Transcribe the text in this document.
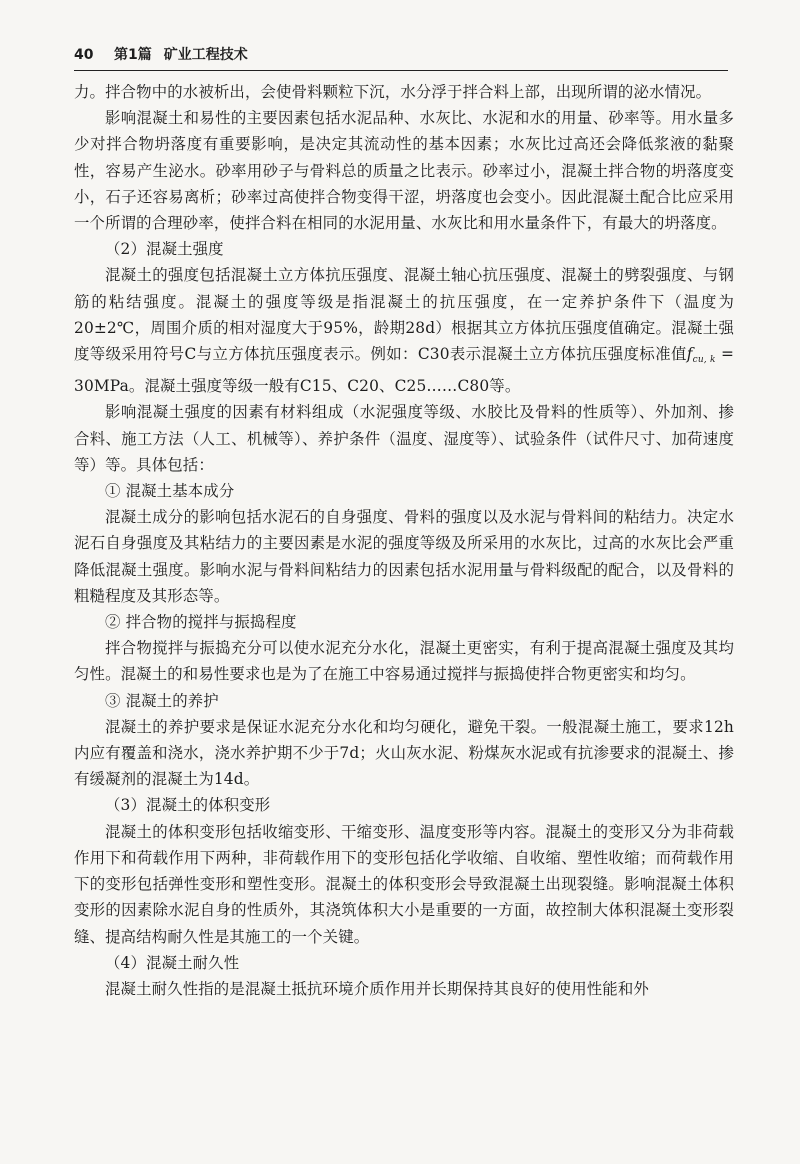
40 第1篇 矿业工程技术

力。拌合物中的水被析出，会使骨料颗粒下沉，水分浮于拌合料上部，出现所谓的泌水情况。

影响混凝土和易性的主要因素包括水泥品种、水灰比、水泥和水的用量、砂率等。用水量多少对拌合物坍落度有重要影响，是决定其流动性的基本因素；水灰比过高还会降低浆液的黏聚性，容易产生泌水。砂率用砂子与骨料总的质量之比表示。砂率过小，混凝土拌合物的坍落度变小，石子还容易离析；砂率过高使拌合物变得干涩，坍落度也会变小。因此混凝土配合比应采用一个所谓的合理砂率，使拌合料在相同的水泥用量、水灰比和用水量条件下，有最大的坍落度。

（2）混凝土强度

混凝土的强度包括混凝土立方体抗压强度、混凝土轴心抗压强度、混凝土的劈裂强度、与钢筋的粘结强度。混凝土的强度等级是指混凝土的抗压强度，在一定养护条件下（温度为20±2℃，周围介质的相对湿度大于95%，龄期28d）根据其立方体抗压强度值确定。混凝土强度等级采用符号C与立方体抗压强度表示。例如：C30表示混凝土立方体抗压强度标准值fcu, k = 30MPa。混凝土强度等级一般有C15、C20、C25……C80等。

影响混凝土强度的因素有材料组成（水泥强度等级、水胶比及骨料的性质等）、外加剂、掺合料、施工方法（人工、机械等）、养护条件（温度、湿度等）、试验条件（试件尺寸、加荷速度等）等。具体包括：

① 混凝土基本成分

混凝土成分的影响包括水泥石的自身强度、骨料的强度以及水泥与骨料间的粘结力。决定水泥石自身强度及其粘结力的主要因素是水泥的强度等级及所采用的水灰比，过高的水灰比会严重降低混凝土强度。影响水泥与骨料间粘结力的因素包括水泥用量与骨料级配的配合，以及骨料的粗糙程度及其形态等。

② 拌合物的搅拌与振捣程度

拌合物搅拌与振捣充分可以使水泥充分水化，混凝土更密实，有利于提高混凝土强度及其均匀性。混凝土的和易性要求也是为了在施工中容易通过搅拌与振捣使拌合物更密实和均匀。

③ 混凝土的养护

混凝土的养护要求是保证水泥充分水化和均匀硬化，避免干裂。一般混凝土施工，要求12h内应有覆盖和浇水，浇水养护期不少于7d；火山灰水泥、粉煤灰水泥或有抗渗要求的混凝土、掺有缓凝剂的混凝土为14d。

（3）混凝土的体积变形

混凝土的体积变形包括收缩变形、干缩变形、温度变形等内容。混凝土的变形又分为非荷载作用下和荷载作用下两种，非荷载作用下的变形包括化学收缩、自收缩、塑性收缩；而荷载作用下的变形包括弹性变形和塑性变形。混凝土的体积变形会导致混凝土出现裂缝。影响混凝土体积变形的因素除水泥自身的性质外，其浇筑体积大小是重要的一方面，故控制大体积混凝土变形裂缝、提高结构耐久性是其施工的一个关键。

（4）混凝土耐久性

混凝土耐久性指的是混凝土抵抗环境介质作用并长期保持其良好的使用性能和外
